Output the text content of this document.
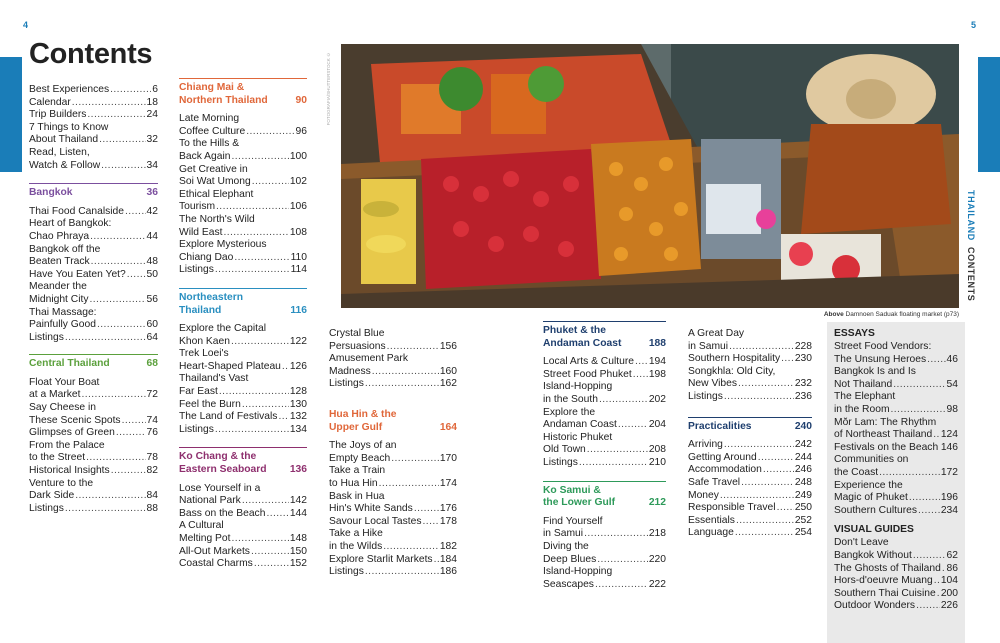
4	5
Contents
Best Experiences .....	6
Calendar .....	18
Trip Builders .....	24
7 Things to Know
About Thailand .....	32
Read, Listen,
Watch & Follow .....	34
Bangkok	36
Thai Food Canalside ..... 42
Heart of Bangkok:
Chao Phraya .....	44
Bangkok off the
Beaten Track .....	48
Have You Eaten Yet? ..... 50
Meander the
Midnight City .....	56
Thai Massage:
Painfully Good .....	60
Listings .....	64
Central Thailand	68
Float Your Boat
at a Market .....	72
Say Cheese in
These Scenic Spots .....	74
Glimpses of Green .....	76
From the Palace
to the Street .....	78
Historical Insights .....	82
Venture to the
Dark Side .....	84
Listings .....	88
Chiang Mai &
Northern Thailand	90
Late Morning
Coffee Culture .....	96
To the Hills &
Back Again .....	100
Get Creative in
Soi Wat Umong .....	102
Ethical Elephant
Tourism .....	106
The North's Wild
Wild East .....	108
Explore Mysterious
Chiang Dao .....	110
Listings .....	114
Northeastern
Thailand	116
Explore the Capital
Khon Kaen .....	122
Trek Loei's
Heart-Shaped Plateau ..... 126
Thailand's Vast
Far East .....	128
Feel the Burn .....	130
The Land of Festivals ..... 132
Listings .....	134
Ko Chang & the
Eastern Seaboard 136
Lose Yourself in a
National Park .....	142
Bass on the Beach ..... 144
A Cultural
Melting Pot .....	148
All-Out Markets .....	150
Coastal Charms .....	152
Crystal Blue
Persuasions .....	156
Amusement Park
Madness .....	160
Listings .....	162
Hua Hin & the
Upper Gulf	164
The Joys of an
Empty Beach .....	170
Take a Train
to Hua Hin .....	174
Bask in Hua
Hin's White Sands .....	176
Savour Local Tastes ..... 178
Take a Hike
in the Wilds .....	182
Explore Starlit Markets ..... 184
Listings .....	186
Phuket & the
Andaman Coast	188
Local Arts & Culture ..... 194
Street Food Phuket ..... 198
Island-Hopping
in the South .....	202
Explore the
Andaman Coast .....	204
Historic Phuket
Old Town .....	208
Listings .....	210
Ko Samui &
the Lower Gulf	212
Find Yourself
in Samui .....	218
Diving the
Deep Blues .....	220
Island-Hopping
Seascapes .....	222
A Great Day
in Samui .....	228
Southern Hospitality ..... 230
Songkhla: Old City,
New Vibes .....	232
Listings .....	236
Practicalities	240
Arriving .....	242
Getting Around .....	244
Accommodation .....	246
Safe Travel .....	248
Money .....	249
Responsible Travel ..... 250
Essentials .....	252
Language .....	254
ESSAYS
Street Food Vendors:
The Unsung Heroes ..... 46
Bangkok Is and Is
Not Thailand .....	54
The Elephant
in the Room .....	98
Mŏr Lam: The Rhythm
of Northeast Thailand ..... 124
Festivals on the Beach ..... 146
Communities on
the Coast .....	172
Experience the
Magic of Phuket .....	196
Southern Cultures ..... 234
VISUAL GUIDES
Don't Leave
Bangkok Without .....	62
The Ghosts of Thailand ..... 86
Hors-d'oeuvre Muang ..... 104
Southern Thai Cuisine ..... 200
Outdoor Wonders ..... 226
FOTOGRAFIA/SHUTTERSTOCK ©
Above Damnoen Saduak floating market (p73)
THAILAND  CONTENTS
